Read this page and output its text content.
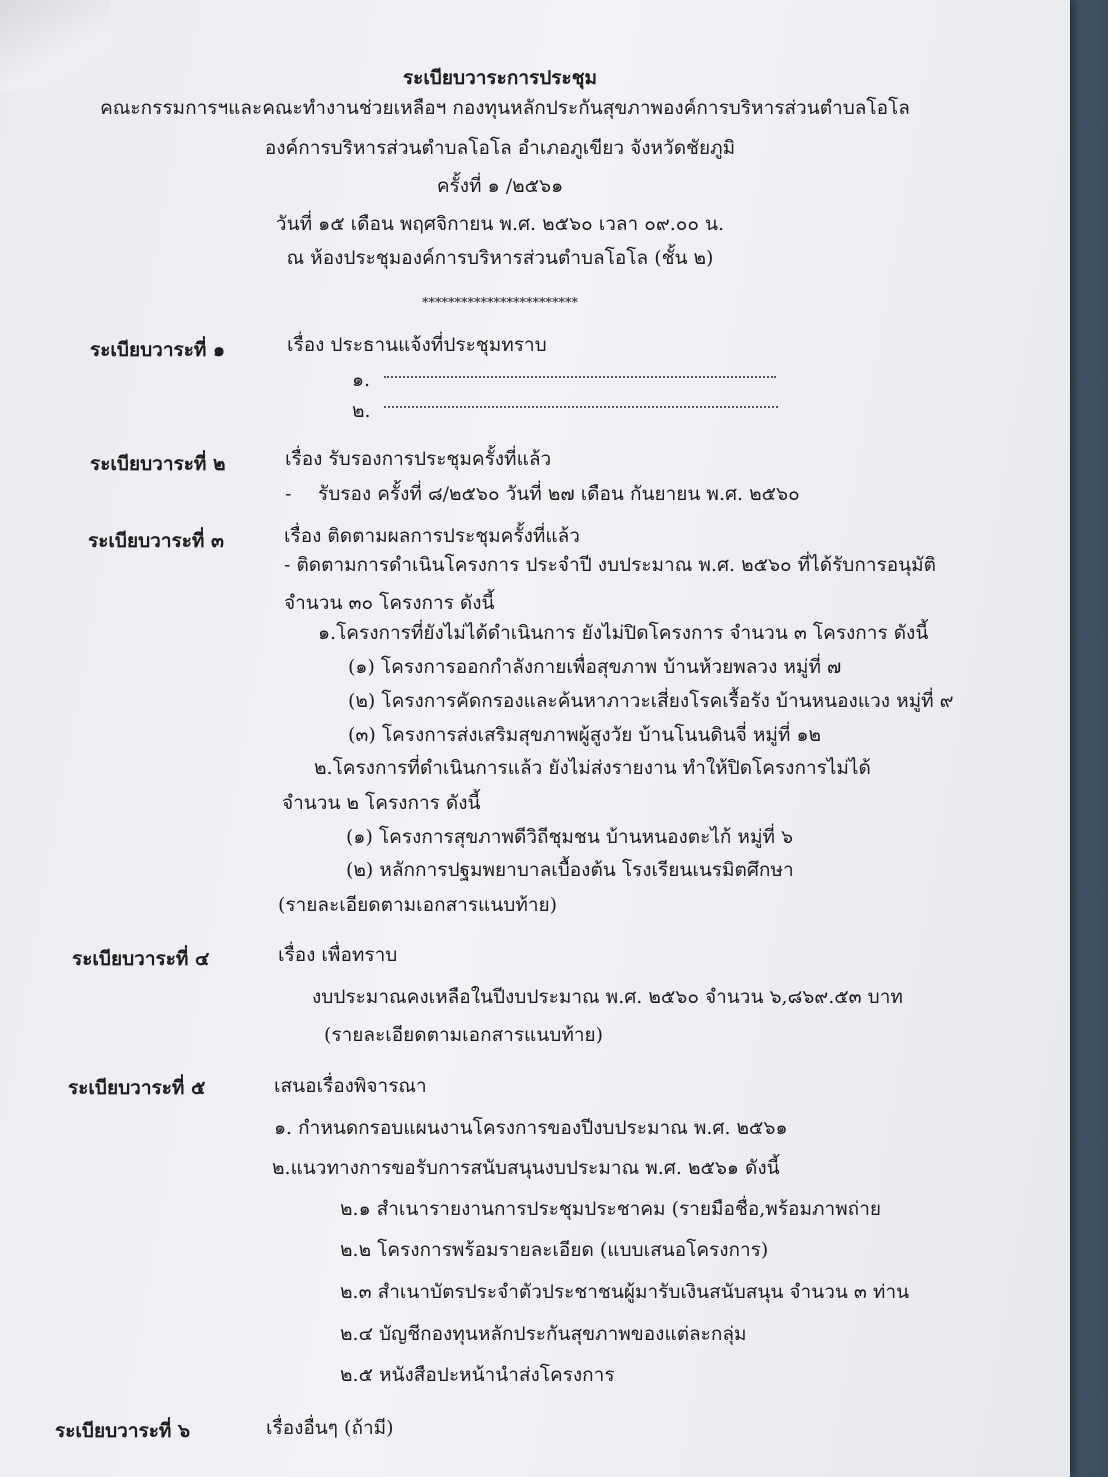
ระเบียบวาระการประชุม
คณะกรรมการฯและคณะทำงานช่วยเหลือฯ กองทุนหลักประกันสุขภาพองค์การบริหารส่วนตำบลโอโล
องค์การบริหารส่วนตำบลโอโล อำเภอภูเขียว จังหวัดชัยภูมิ
ครั้งที่ ๑ /๒๕๖๑
วันที่ ๑๕ เดือน พฤศจิกายน พ.ศ. ๒๕๖๐ เวลา ๐๙.๐๐ น.
ณ ห้องประชุมองค์การบริหารส่วนตำบลโอโล (ชั้น ๒)
************************
ระเบียบวาระที่ ๑	เรื่อง ประธานแจ้งที่ประชุมทราบ
๑.
๒.
ระเบียบวาระที่ ๒	เรื่อง รับรองการประชุมครั้งที่แล้ว
- รับรอง ครั้งที่ ๘/๒๕๖๐ วันที่ ๒๗ เดือน กันยายน พ.ศ. ๒๕๖๐
ระเบียบวาระที่ ๓	เรื่อง ติดตามผลการประชุมครั้งที่แล้ว
- ติดตามการดำเนินโครงการ ประจำปี งบประมาณ พ.ศ. ๒๕๖๐ ที่ได้รับการอนุมัติ
จำนวน ๓๐ โครงการ ดังนี้
๑.โครงการที่ยังไม่ได้ดำเนินการ ยังไม่ปิดโครงการ จำนวน ๓ โครงการ ดังนี้
(๑) โครงการออกกำลังกายเพื่อสุขภาพ บ้านห้วยพลวง หมู่ที่ ๗
(๒) โครงการคัดกรองและค้นหาภาวะเสี่ยงโรคเรื้อรัง บ้านหนองแวง หมู่ที่ ๙
(๓) โครงการส่งเสริมสุขภาพผู้สูงวัย บ้านโนนดินจี่ หมู่ที่ ๑๒
๒.โครงการที่ดำเนินการแล้ว ยังไม่ส่งรายงาน ทำให้ปิดโครงการไม่ได้
จำนวน ๒ โครงการ ดังนี้
(๑) โครงการสุขภาพดีวิถีชุมชน บ้านหนองตะไก้ หมู่ที่ ๖
(๒) หลักการปฐมพยาบาลเบื้องต้น โรงเรียนเนรมิตศึกษา
(รายละเอียดตามเอกสารแนบท้าย)
ระเบียบวาระที่ ๔	เรื่อง เพื่อทราบ
งบประมาณคงเหลือในปีงบประมาณ พ.ศ. ๒๕๖๐ จำนวน ๖,๘๖๙.๕๓ บาท
(รายละเอียดตามเอกสารแนบท้าย)
ระเบียบวาระที่ ๕	เสนอเรื่องพิจารณา
๑. กำหนดกรอบแผนงานโครงการของปีงบประมาณ พ.ศ. ๒๕๖๑
๒.แนวทางการขอรับการสนับสนุนงบประมาณ พ.ศ. ๒๕๖๑ ดังนี้
๒.๑ สำเนารายงานการประชุมประชาคม (รายมือชื่อ,พร้อมภาพถ่าย
๒.๒ โครงการพร้อมรายละเอียด (แบบเสนอโครงการ)
๒.๓ สำเนาบัตรประจำตัวประชาชนผู้มารับเงินสนับสนุน จำนวน ๓ ท่าน
๒.๔ บัญชีกองทุนหลักประกันสุขภาพของแต่ละกลุ่ม
๒.๕ หนังสือปะหน้านำส่งโครงการ
ระเบียบวาระที่ ๖	เรื่องอื่นๆ (ถ้ามี)
